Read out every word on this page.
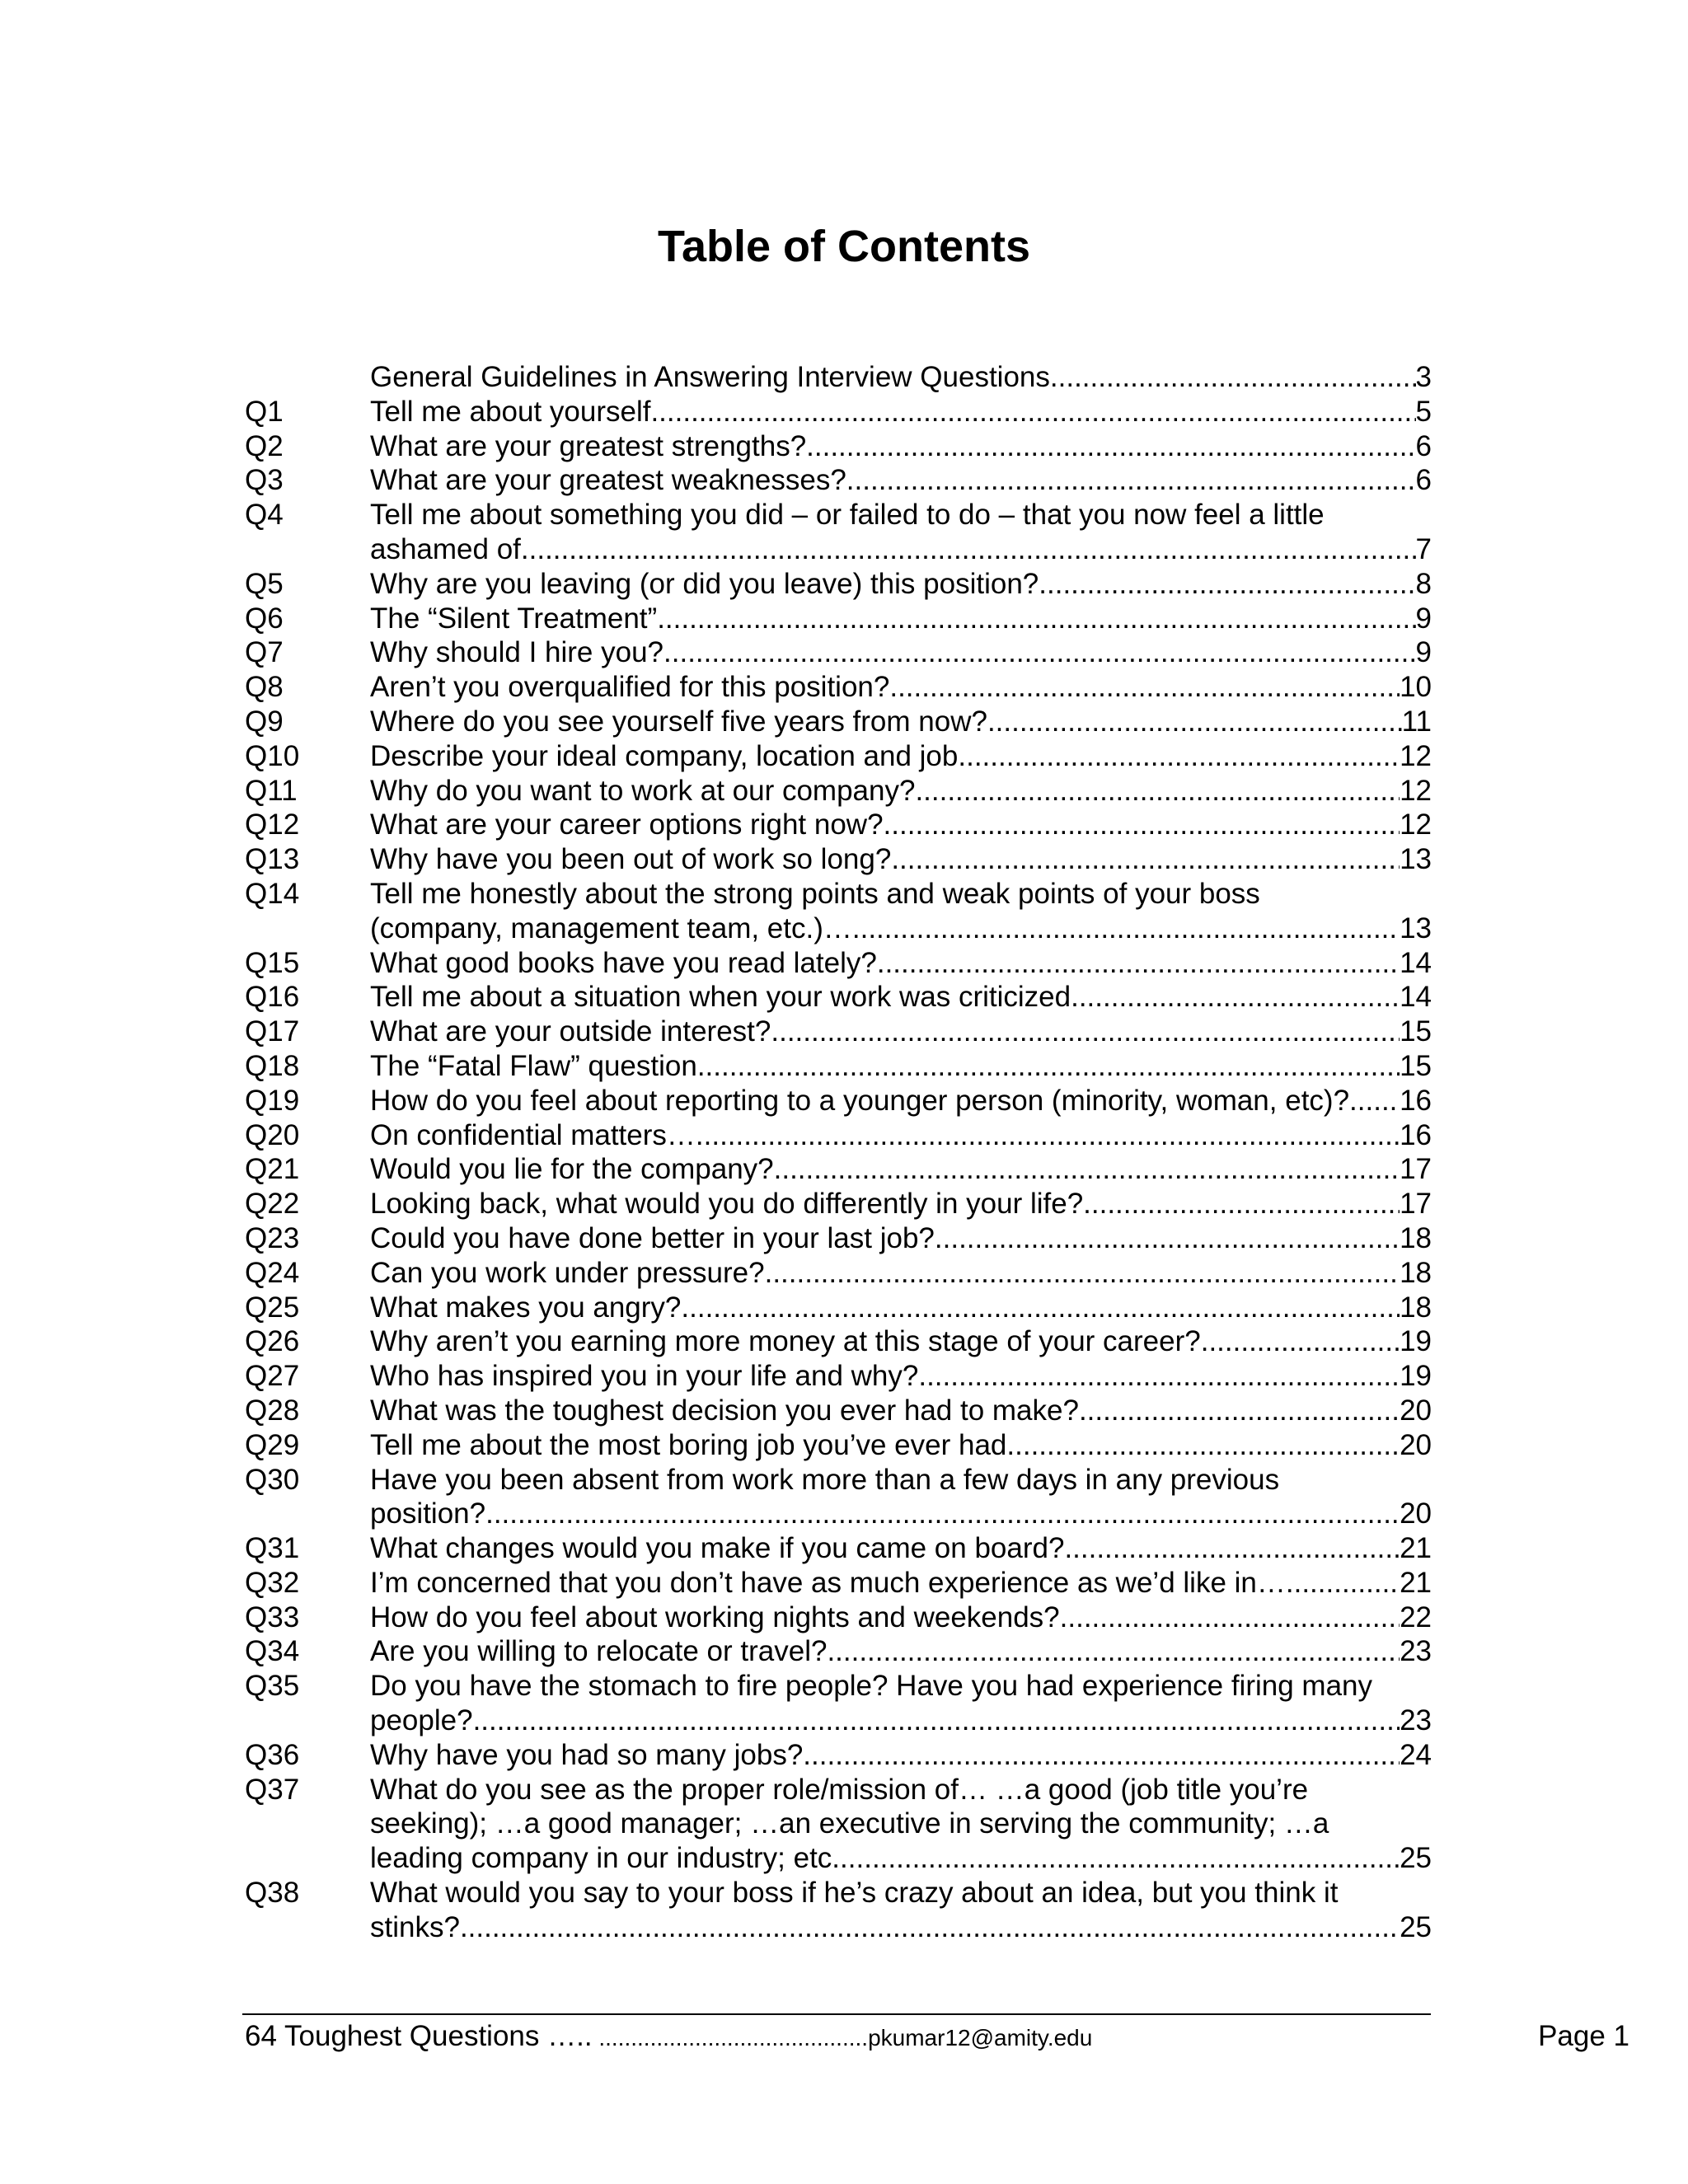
Table of Contents
General Guidelines in Answering Interview Questions .....	3
Q1	Tell me about yourself. .....	5
Q2	What are your greatest strengths? .....	6
Q3	What are your greatest weaknesses? .....	6
Q4	Tell me about something you did – or failed to do – that you now feel a little
ashamed of. .....	7
Q5	Why are you leaving (or did you leave) this position? .....	8
Q6	The “Silent Treatment” .....	9
Q7	Why should I hire you? .....	9
Q8	Aren’t you overqualified for this position? .....	10
Q9	Where do you see yourself five years from now? .....	11
Q10	Describe your ideal company, location and job. .....	12
Q11	Why do you want to work at our company? .....	12
Q12	What are your career options right now? .....	12
Q13	Why have you been out of work so long? .....	13
Q14	Tell me honestly about the strong points and weak points of your boss
(company, management team, etc.)… .....	13
Q15	What good books have you read lately? .....	14
Q16	Tell me about a situation when your work was criticized. .....	14
Q17	What are your outside interest? .....	15
Q18	The “Fatal Flaw” question .....	15
Q19	How do you feel about reporting to a younger person (minority, woman, etc)? ..... 16
Q20	On confidential matters… .....	16
Q21	Would you lie for the company? .....	17
Q22	Looking back, what would you do differently in your life? .....	17
Q23	Could you have done better in your last job? .....	18
Q24	Can you work under pressure? .....	18
Q25	What makes you angry? .....	18
Q26	Why aren’t you earning more money at this stage of your career? .....	19
Q27	Who has inspired you in your life and why? .....	19
Q28	What was the toughest decision you ever had to make? .....	20
Q29	Tell me about the most boring job you’ve ever had. .....	20
Q30	Have you been absent from work more than a few days in any previous
position? .....	20
Q31	What changes would you make if you came on board? .....	21
Q32	I’m concerned that you don’t have as much experience as we’d like in… .....	21
Q33	How do you feel about working nights and weekends? .....	22
Q34	Are you willing to relocate or travel? .....	23
Q35	Do you have the stomach to fire people? Have you had experience firing many
people? .....	23
Q36	Why have you had so many jobs? .....	24
Q37	What do you see as the proper role/mission of… …a good (job title you’re
seeking); …a good manager; …an executive in serving the community; …a
leading company in our industry; etc. .....	25
Q38	What would you say to your boss if he’s crazy about an idea, but you think it
stinks? .....	25
64 Toughest Questions ….. ..........................................pkumar12@amity.edu	Page 1
